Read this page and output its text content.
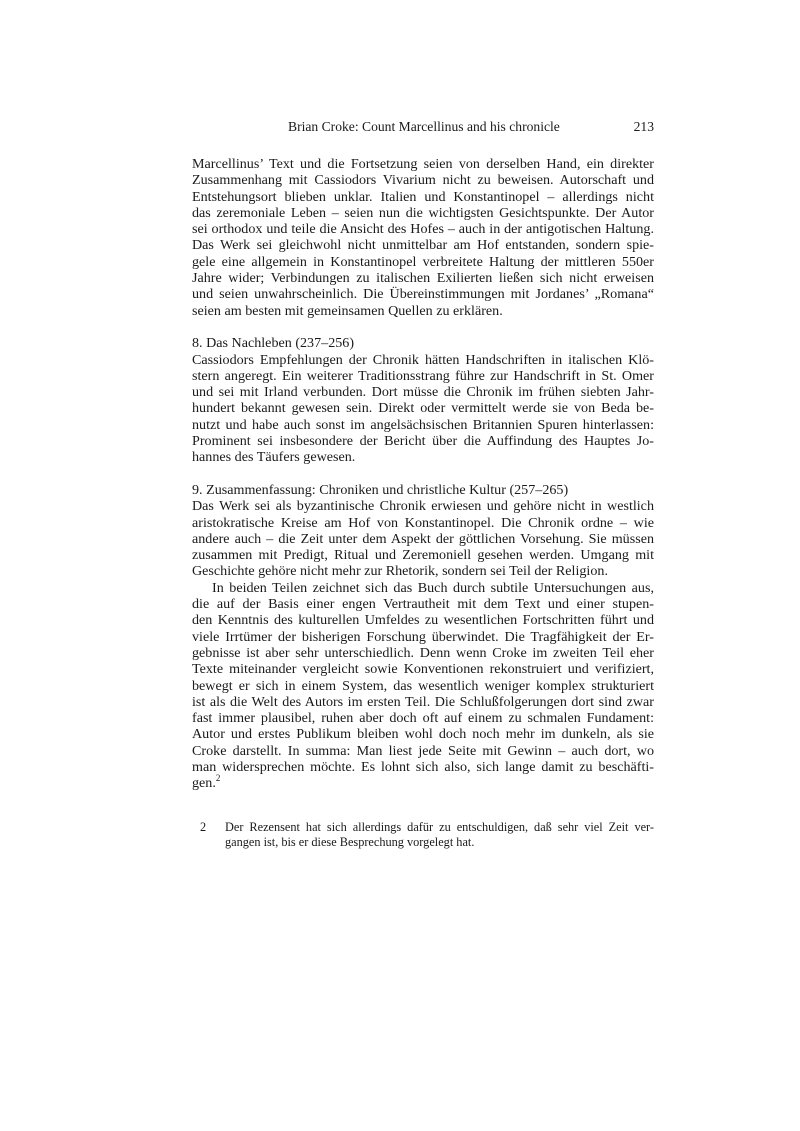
Brian Croke: Count Marcellinus and his chronicle	213
Marcellinus’ Text und die Fortsetzung seien von derselben Hand, ein direkter
Zusammenhang mit Cassiodors Vivarium nicht zu beweisen. Autorschaft und
Entstehungsort blieben unklar. Italien und Konstantinopel – allerdings nicht
das zeremoniale Leben – seien nun die wichtigsten Gesichtspunkte. Der Autor
sei orthodox und teile die Ansicht des Hofes – auch in der antigotischen Haltung.
Das Werk sei gleichwohl nicht unmittelbar am Hof entstanden, sondern spie-
gele eine allgemein in Konstantinopel verbreitete Haltung der mittleren 550er
Jahre wider; Verbindungen zu italischen Exilierten ließen sich nicht erweisen
und seien unwahrscheinlich. Die Übereinstimmungen mit Jordanes’ „Romana“
seien am besten mit gemeinsamen Quellen zu erklären.
8. Das Nachleben (237–256)
Cassiodors Empfehlungen der Chronik hätten Handschriften in italischen Klö-
stern angeregt. Ein weiterer Traditionsstrang führe zur Handschrift in St. Omer
und sei mit Irland verbunden. Dort müsse die Chronik im frühen siebten Jahr-
hundert bekannt gewesen sein. Direkt oder vermittelt werde sie von Beda be-
nutzt und habe auch sonst im angelsächsischen Britannien Spuren hinterlassen:
Prominent sei insbesondere der Bericht über die Auffindung des Hauptes Jo-
hannes des Täufers gewesen.
9. Zusammenfassung: Chroniken und christliche Kultur (257–265)
Das Werk sei als byzantinische Chronik erwiesen und gehöre nicht in westlich
aristokratische Kreise am Hof von Konstantinopel. Die Chronik ordne – wie
andere auch – die Zeit unter dem Aspekt der göttlichen Vorsehung. Sie müssen
zusammen mit Predigt, Ritual und Zeremoniell gesehen werden. Umgang mit
Geschichte gehöre nicht mehr zur Rhetorik, sondern sei Teil der Religion.
In beiden Teilen zeichnet sich das Buch durch subtile Untersuchungen aus,
die auf der Basis einer engen Vertrautheit mit dem Text und einer stupen-
den Kenntnis des kulturellen Umfeldes zu wesentlichen Fortschritten führt und
viele Irrtümer der bisherigen Forschung überwindet. Die Tragfähigkeit der Er-
gebnisse ist aber sehr unterschiedlich. Denn wenn Croke im zweiten Teil eher
Texte miteinander vergleicht sowie Konventionen rekonstruiert und verifiziert,
bewegt er sich in einem System, das wesentlich weniger komplex strukturiert
ist als die Welt des Autors im ersten Teil. Die Schlußfolgerungen dort sind zwar
fast immer plausibel, ruhen aber doch oft auf einem zu schmalen Fundament:
Autor und erstes Publikum bleiben wohl doch noch mehr im dunkeln, als sie
Croke darstellt. In summa: Man liest jede Seite mit Gewinn – auch dort, wo
man widersprechen möchte. Es lohnt sich also, sich lange damit zu beschäfti-
gen.$^2$
2 Der Rezensent hat sich allerdings dafür zu entschuldigen, daß sehr viel Zeit ver-
gangen ist, bis er diese Besprechung vorgelegt hat.
